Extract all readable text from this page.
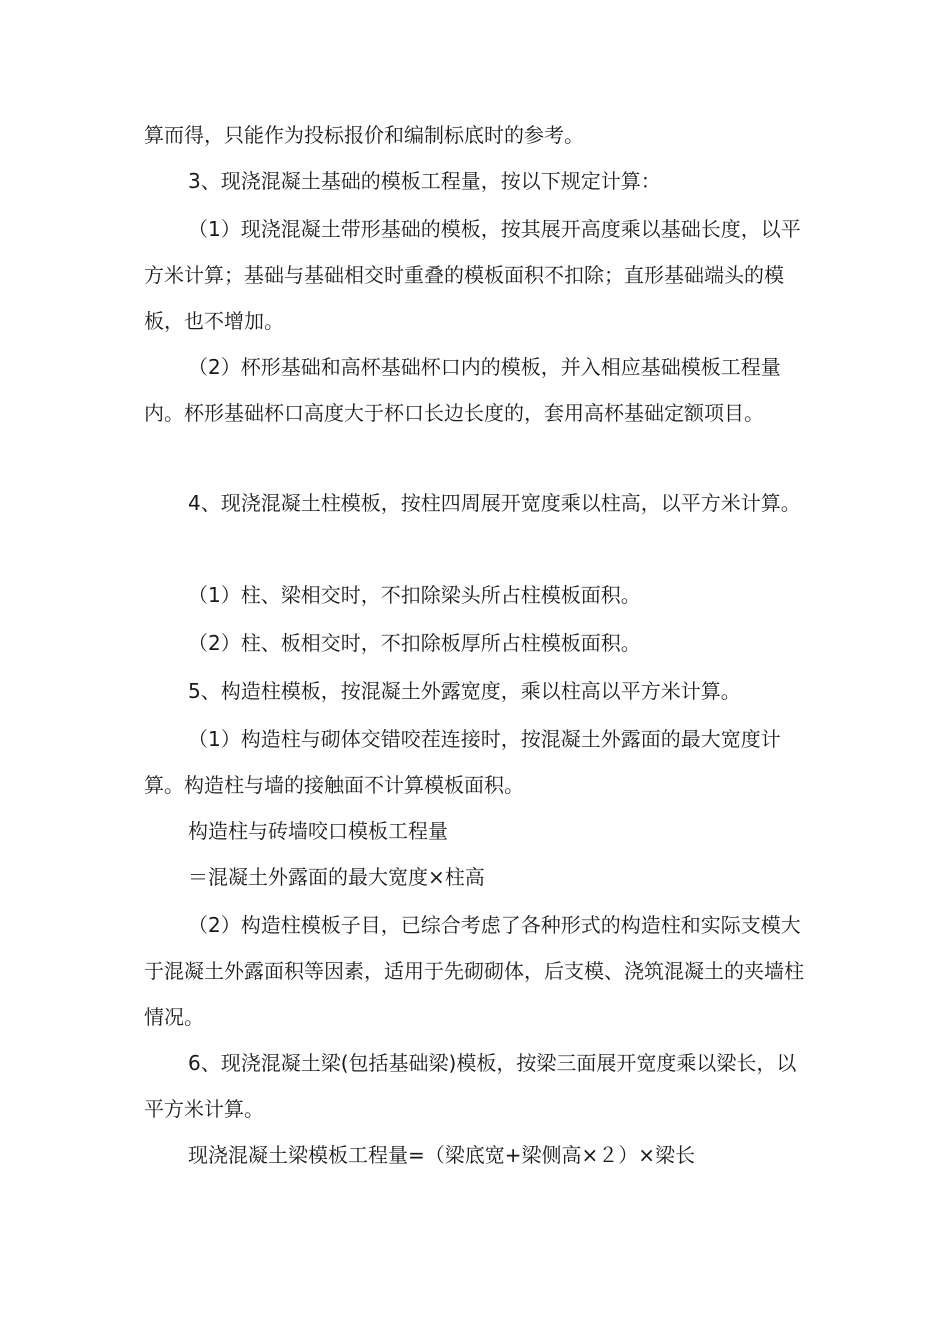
算而得，只能作为投标报价和编制标底时的参考。

3、现浇混凝土基础的模板工程量，按以下规定计算：

（1）现浇混凝土带形基础的模板，按其展开高度乘以基础长度，以平方米计算；基础与基础相交时重叠的模板面积不扣除；直形基础端头的模板，也不增加。

（2）杯形基础和高杯基础杯口内的模板，并入相应基础模板工程量内。杯形基础杯口高度大于杯口长边长度的，套用高杯基础定额项目。

4、现浇混凝土柱模板，按柱四周展开宽度乘以柱高，以平方米计算。

（1）柱、梁相交时，不扣除梁头所占柱模板面积。

（2）柱、板相交时，不扣除板厚所占柱模板面积。

5、构造柱模板，按混凝土外露宽度，乘以柱高以平方米计算。

（1）构造柱与砌体交错咬茬连接时，按混凝土外露面的最大宽度计算。构造柱与墙的接触面不计算模板面积。

构造柱与砖墙咬口模板工程量

＝混凝土外露面的最大宽度×柱高

（2）构造柱模板子目，已综合考虑了各种形式的构造柱和实际支模大于混凝土外露面积等因素，适用于先砌砌体，后支模、浇筑混凝土的夹墙柱情况。

6、现浇混凝土梁(包括基础梁)模板，按梁三面展开宽度乘以梁长，以平方米计算。

现浇混凝土梁模板工程量=（梁底宽+梁侧高×２）×梁长
